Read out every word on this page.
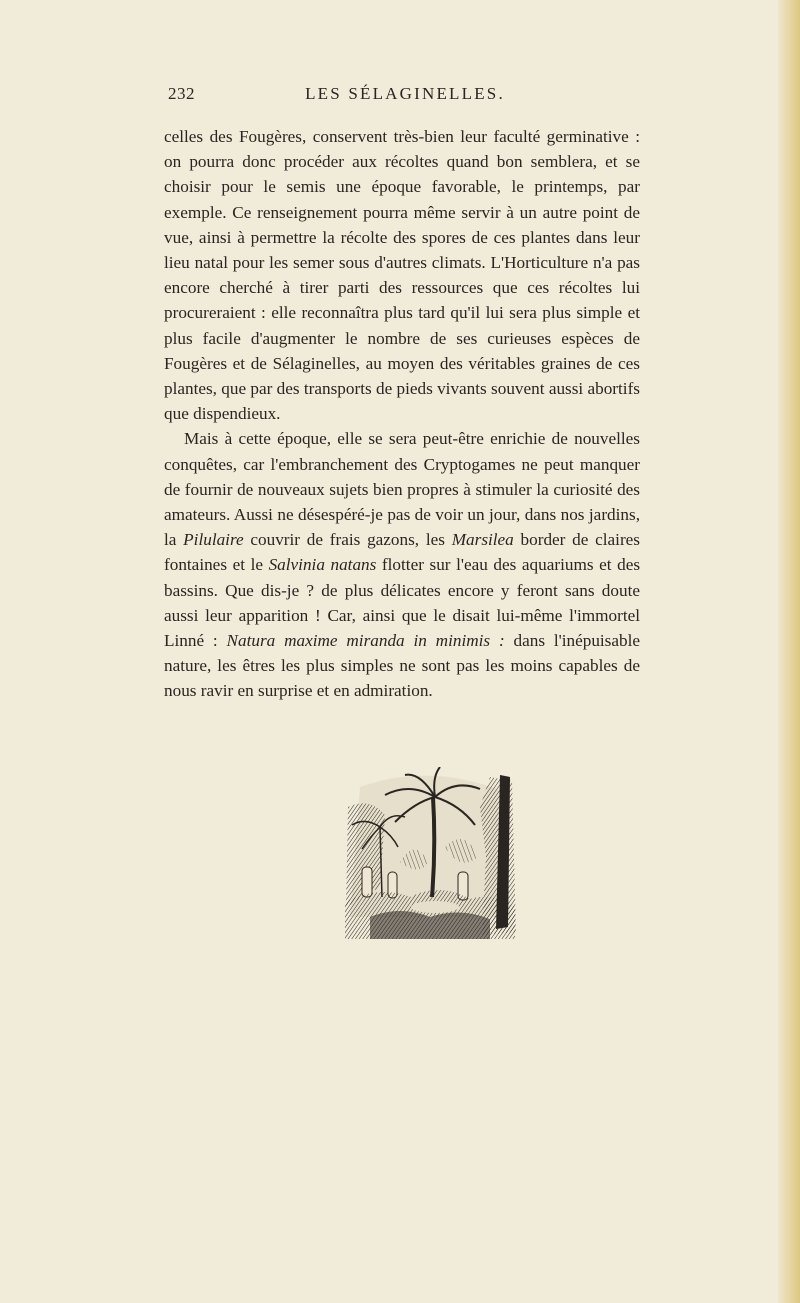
232	LES SÉLAGINELLES.

celles des Fougères, conservent très-bien leur faculté germinative : on pourra donc procéder aux récoltes quand bon semblera, et se choisir pour le semis une époque favorable, le printemps, par exemple. Ce renseignement pourra même servir à un autre point de vue, ainsi à permettre la récolte des spores de ces plantes dans leur lieu natal pour les semer sous d'autres climats. L'Horticulture n'a pas encore cherché à tirer parti des ressources que ces récoltes lui procureraient : elle reconnaîtra plus tard qu'il lui sera plus simple et plus facile d'augmenter le nombre de ses curieuses espèces de Fougères et de Sélaginelles, au moyen des véritables graines de ces plantes, que par des transports de pieds vivants souvent aussi abortifs que dispendieux.

Mais à cette époque, elle se sera peut-être enrichie de nouvelles conquêtes, car l'embranchement des Cryptogames ne peut manquer de fournir de nouveaux sujets bien propres à stimuler la curiosité des amateurs. Aussi ne désespéré-je pas de voir un jour, dans nos jardins, la Pilulaire couvrir de frais gazons, les Marsilea border de claires fontaines et le Salvinia natans flotter sur l'eau des aquariums et des bassins. Que dis-je ? de plus délicates encore y feront sans doute aussi leur apparition ! Car, ainsi que le disait lui-même l'immortel Linné : Natura maxime miranda in minimis : dans l'inépuisable nature, les êtres les plus simples ne sont pas les moins capables de nous ravir en surprise et en admiration.
